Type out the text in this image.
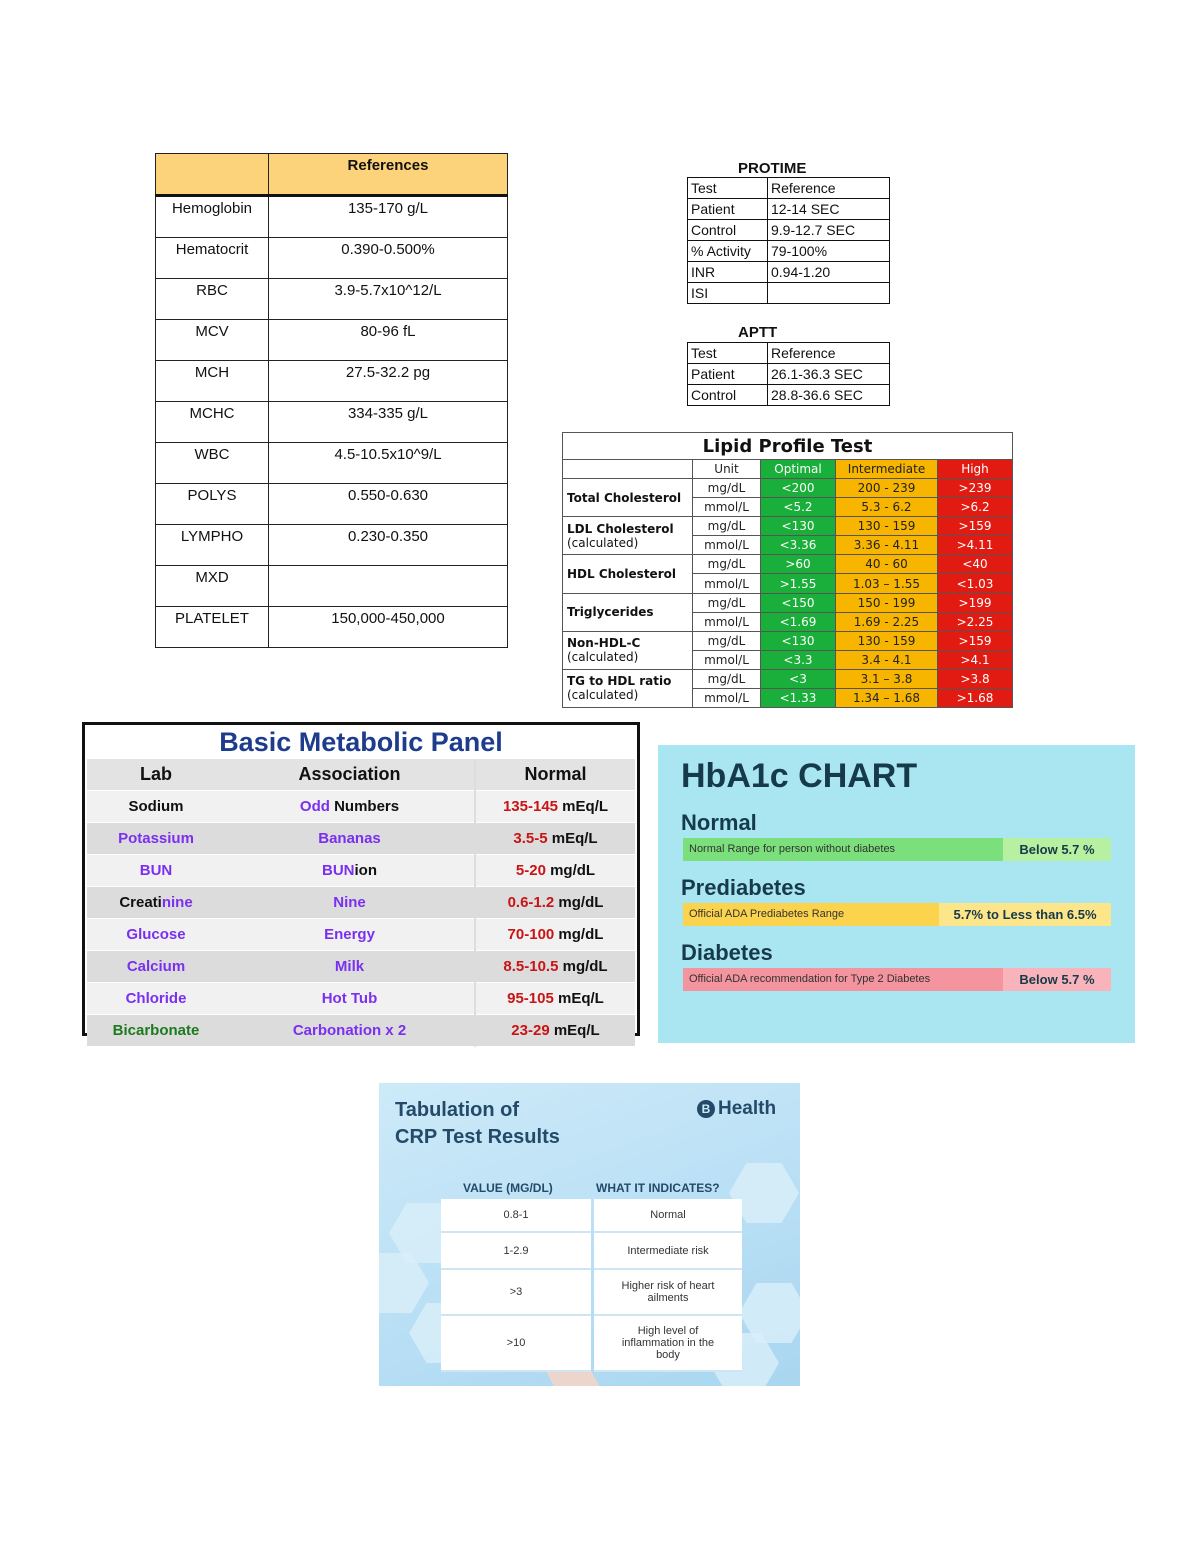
	References
Hemoglobin	135-170 g/L
Hematocrit	0.390-0.500%
RBC	3.9-5.7x10^12/L
MCV	80-96 fL
MCH	27.5-32.2 pg
MCHC	334-335 g/L
WBC	4.5-10.5x10^9/L
POLYS	0.550-0.630
LYMPHO	0.230-0.350
MXD	
PLATELET	150,000-450,000
PROTIME
Test	Reference
Patient	12-14 SEC
Control	9.9-12.7 SEC
% Activity	79-100%
INR	0.94-1.20
ISI	
APTT
Test	Reference
Patient	26.1-36.3 SEC
Control	28.8-36.6 SEC
Lipid Profile Test				
	Unit	Optimal	Intermediate	High
Total Cholesterol	mg/dL	<200	200 - 239	>239
	mmol/L	<5.2	5.3 - 6.2	>6.2
LDL Cholesterol
(calculated)	mg/dL	<130	130 - 159	>159
	mmol/L	<3.36	3.36 - 4.11	>4.11
HDL Cholesterol	mg/dL	>60	40 - 60	<40
	mmol/L	>1.55	1.03 – 1.55	<1.03
Triglycerides	mg/dL	<150	150 - 199	>199
	mmol/L	<1.69	1.69 - 2.25	>2.25
Non-HDL-C
(calculated)	mg/dL	<130	130 - 159	>159
	mmol/L	<3.3	3.4 - 4.1	>4.1
TG to HDL ratio
(calculated)	mg/dL	<3	3.1 – 3.8	>3.8
	mmol/L	<1.33	1.34 – 1.68	>1.68
Basic Metabolic Panel
Lab	Association	Normal
Sodium	Odd Numbers	135-145 mEq/L
Potassium	Bananas	3.5-5 mEq/L
BUN	BUNion	5-20 mg/dL
Creatinine	Nine	0.6-1.2 mg/dL
Glucose	Energy	70-100 mg/dL
Calcium	Milk	8.5-10.5 mg/dL
Chloride	Hot Tub	95-105 mEq/L
Bicarbonate	Carbonation x 2	23-29 mEq/L
HbA1c CHART
Normal
Normal Range for person without diabetes	Below 5.7 %
Prediabetes
Official ADA Prediabetes Range	5.7% to Less than 6.5%
Diabetes
Official ADA recommendation for Type 2 Diabetes	Below 5.7 %
Tabulation of
CRP Test Results
B Health
VALUE (MG/DL)	WHAT IT INDICATES?
0.8-1	Normal
1-2.9	Intermediate risk
>3	Higher risk of heart ailments
>10	High level of inflammation in the body
